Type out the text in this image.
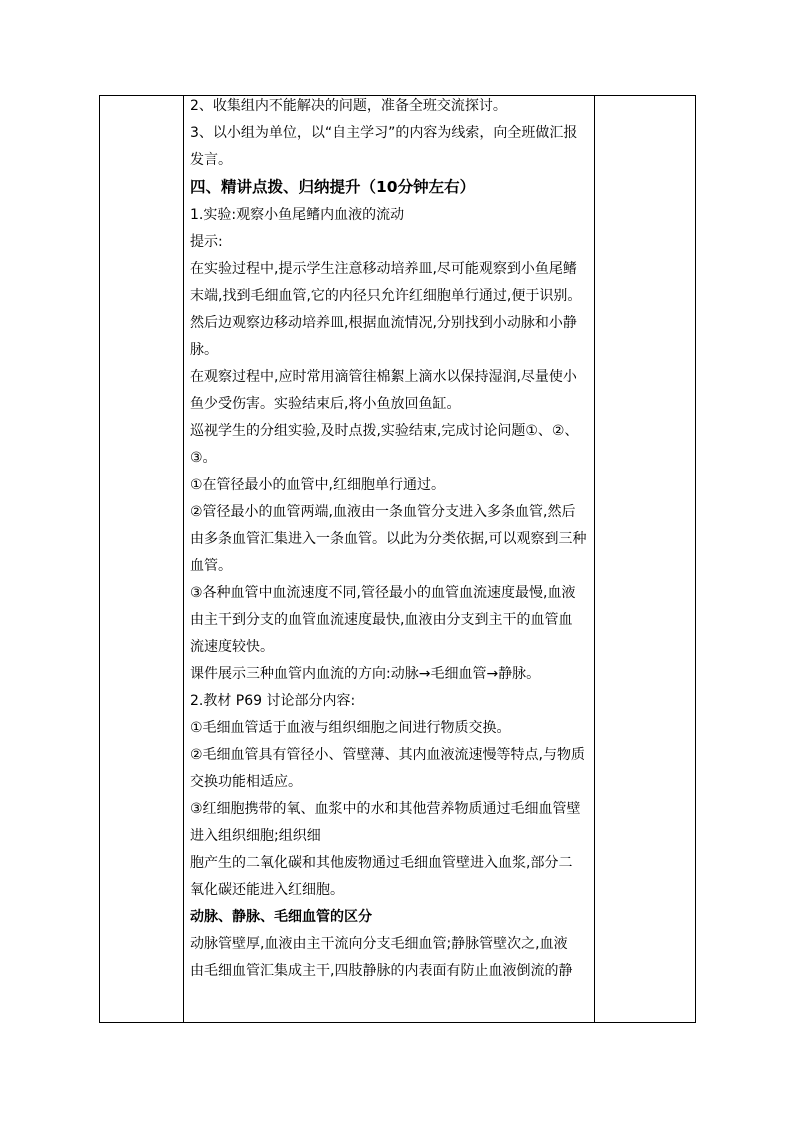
2、收集组内不能解决的问题，准备全班交流探讨。
3、以小组为单位，以“自主学习”的内容为线索，向全班做汇报
发言。
四、精讲点拨、归纳提升（10分钟左右）
1.实验:观察小鱼尾鳍内血液的流动
提示:
在实验过程中,提示学生注意移动培养皿,尽可能观察到小鱼尾鳍
末端,找到毛细血管,它的内径只允许红细胞单行通过,便于识别。
然后边观察边移动培养皿,根据血流情况,分别找到小动脉和小静
脉。
在观察过程中,应时常用滴管往棉絮上滴水以保持湿润,尽量使小
鱼少受伤害。实验结束后,将小鱼放回鱼缸。
巡视学生的分组实验,及时点拨,实验结束,完成讨论问题①、②、
③。
①在管径最小的血管中,红细胞单行通过。
②管径最小的血管两端,血液由一条血管分支进入多条血管,然后
由多条血管汇集进入一条血管。以此为分类依据,可以观察到三种
血管。
③各种血管中血流速度不同,管径最小的血管血流速度最慢,血液
由主干到分支的血管血流速度最快,血液由分支到主干的血管血
流速度较快。
课件展示三种血管内血流的方向:动脉→毛细血管→静脉。
2.教材 P69 讨论部分内容:
①毛细血管适于血液与组织细胞之间进行物质交换。
②毛细血管具有管径小、管壁薄、其内血液流速慢等特点,与物质
交换功能相适应。
③红细胞携带的氧、血浆中的水和其他营养物质通过毛细血管壁
进入组织细胞;组织细
胞产生的二氧化碳和其他废物通过毛细血管壁进入血浆,部分二
氧化碳还能进入红细胞。
动脉、静脉、毛细血管的区分
动脉管壁厚,血液由主干流向分支毛细血管;静脉管壁次之,血液
由毛细血管汇集成主干,四肢静脉的内表面有防止血液倒流的静
